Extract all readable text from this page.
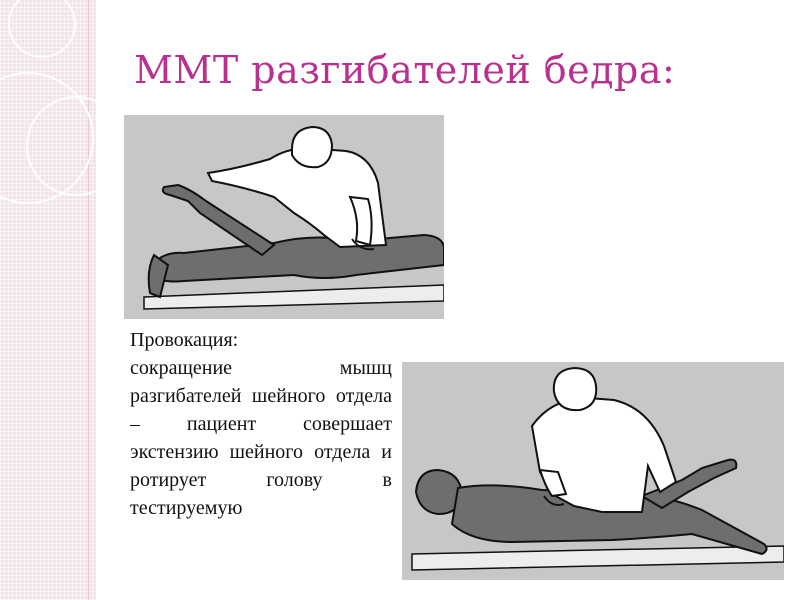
ММТ разгибателей бедра:

Провокация:
сокращение мышц разгибателей шейного отдела – пациент совершает экстензию шейного отдела и ротирует голову в тестируемую
